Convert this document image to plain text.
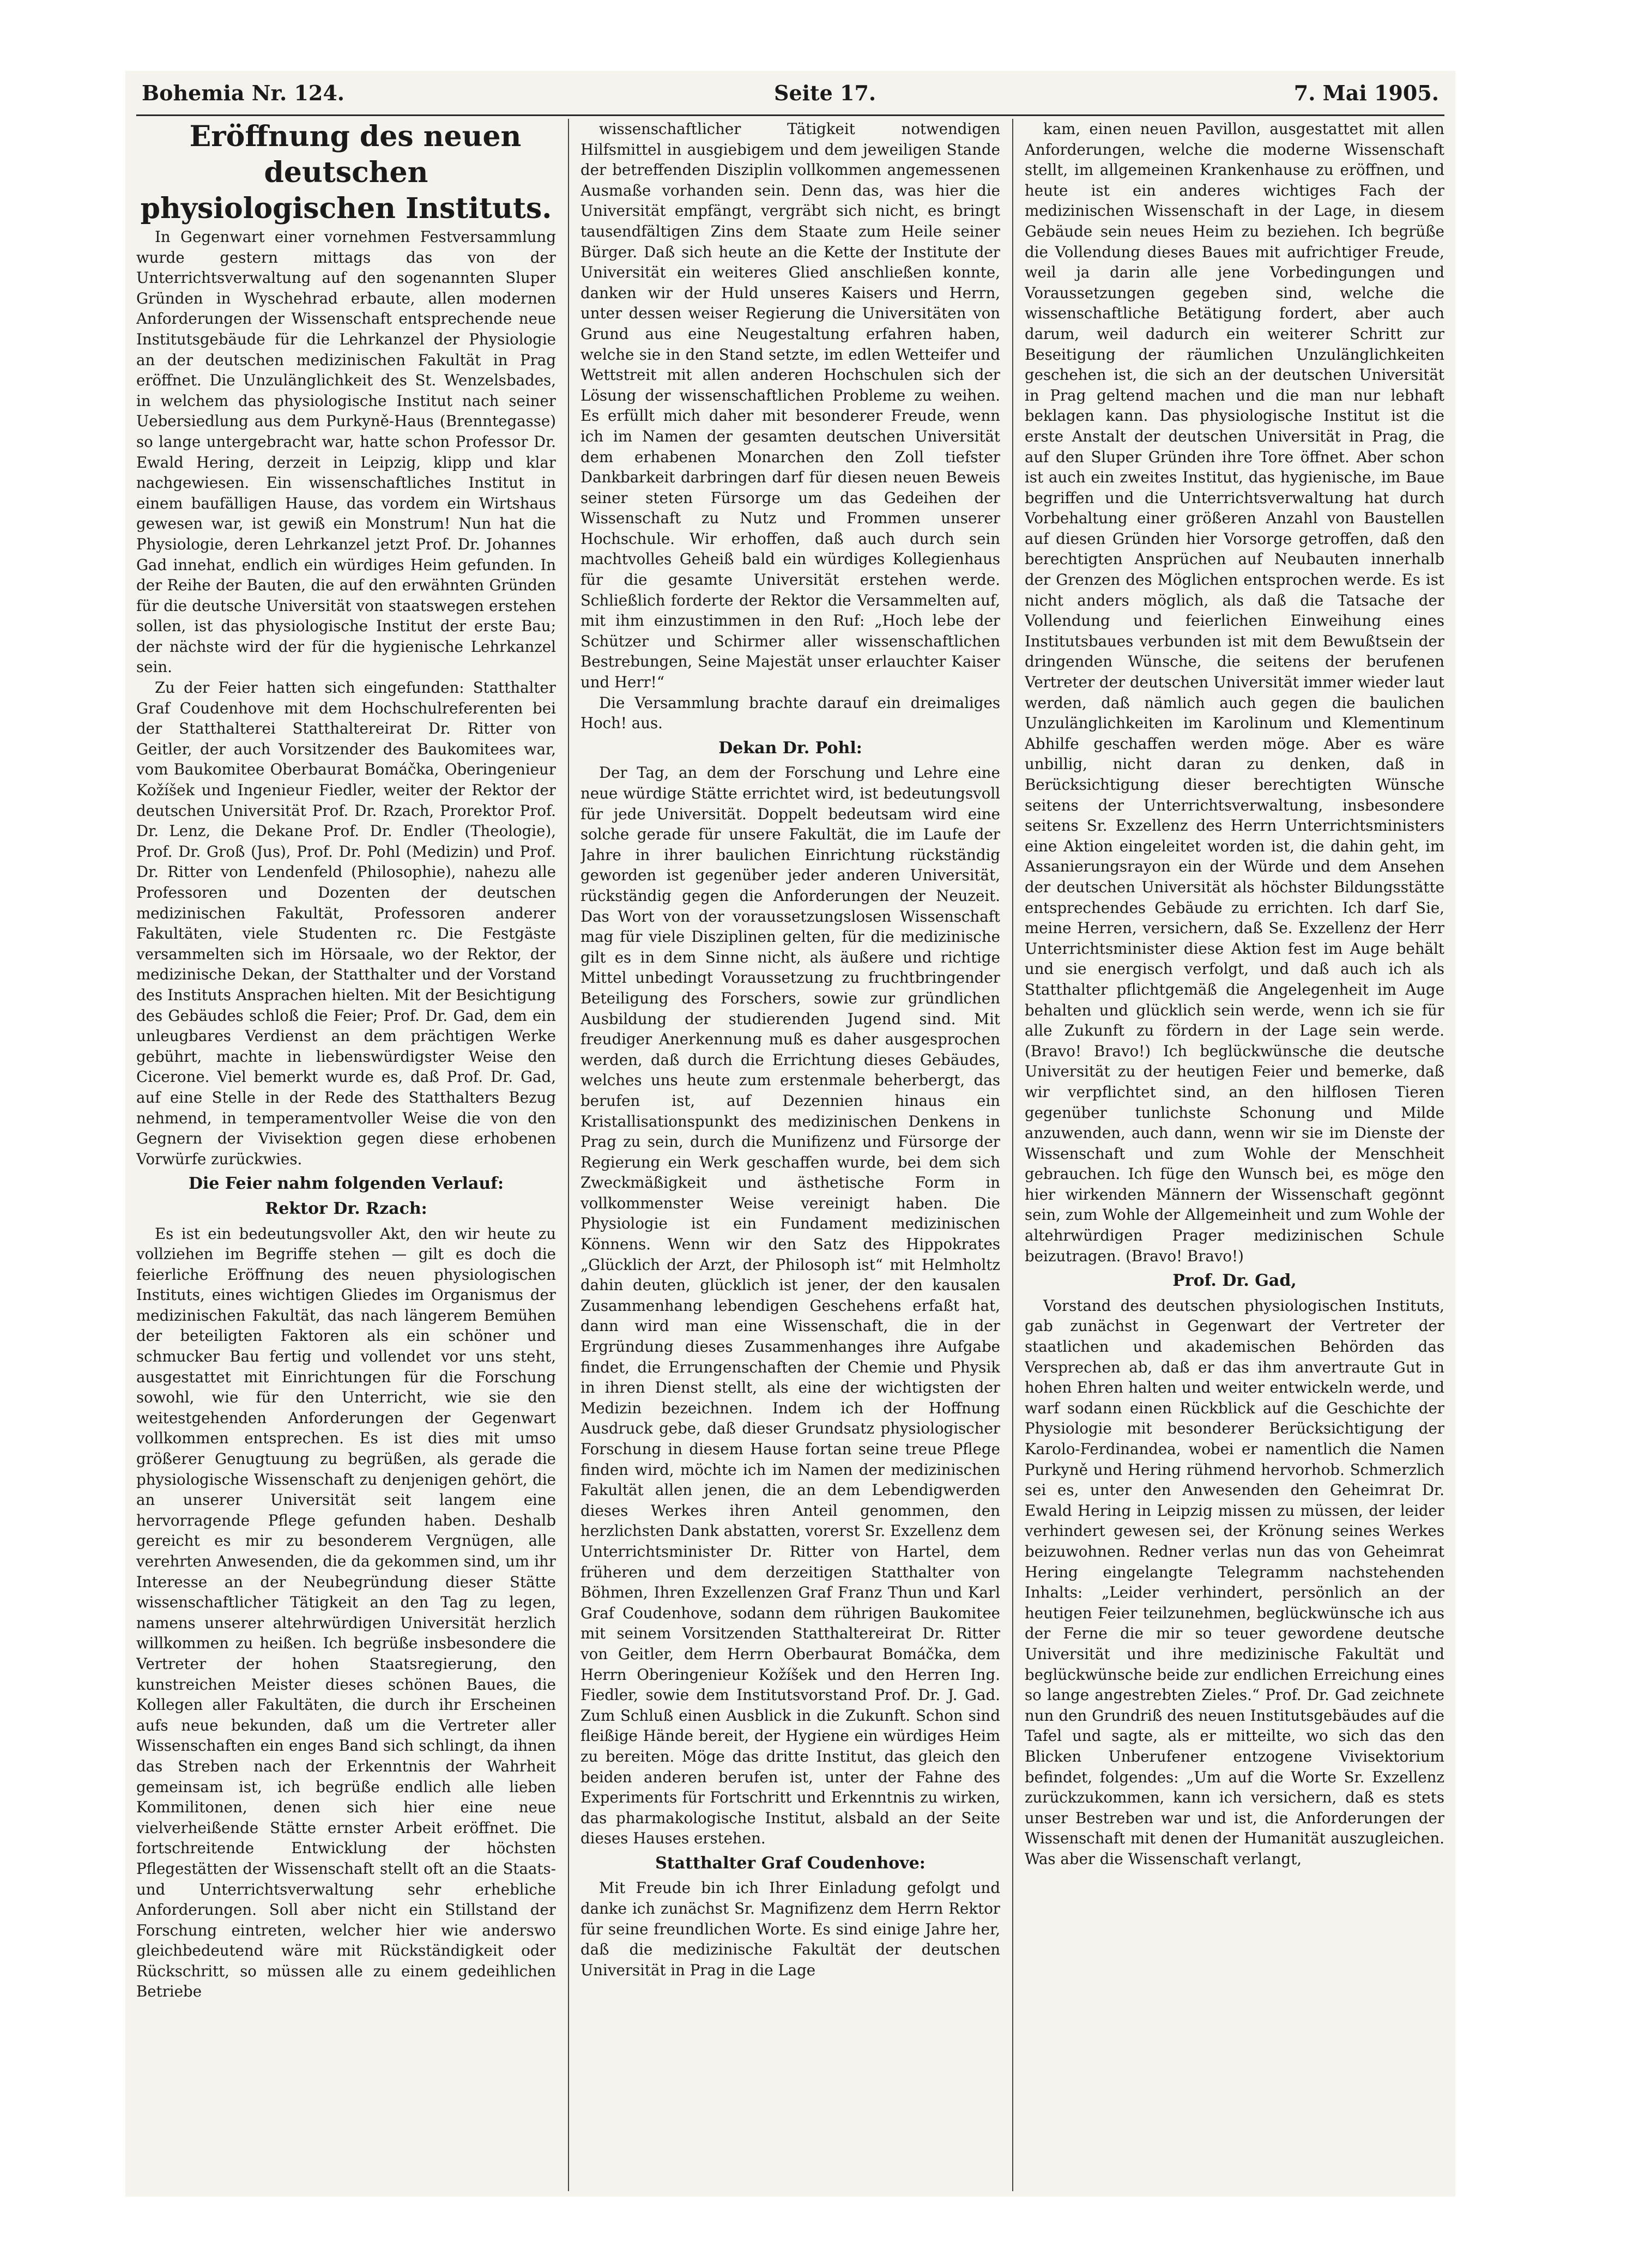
Bohemia Nr. 124.	Seite 17.	7. Mai 1905.

Eröffnung des neuen deutschen physiologischen Instituts.

In Gegenwart einer vornehmen Festversammlung wurde gestern mittags das von der Unterrichtsverwaltung auf den sogenannten Sluper Gründen in Wyschehrad erbaute, allen modernen Anforderungen der Wissenschaft entsprechende neue Institutsgebäude für die Lehrkanzel der Physiologie an der deutschen medizinischen Fakultät in Prag eröffnet. Die Unzulänglichkeit des St. Wenzelsbades, in welchem das physiologische Institut nach seiner Uebersiedlung aus dem Purkyně-Haus (Brenntegasse) so lange untergebracht war, hatte schon Professor Dr. Ewald Hering, derzeit in Leipzig, klipp und klar nachgewiesen. Ein wissenschaftliches Institut in einem baufälligen Hause, das vordem ein Wirtshaus gewesen war, ist gewiß ein Monstrum! Nun hat die Physiologie, deren Lehrkanzel jetzt Prof. Dr. Johannes Gad innehat, endlich ein würdiges Heim gefunden. In der Reihe der Bauten, die auf den erwähnten Gründen für die deutsche Universität von staatswegen erstehen sollen, ist das physiologische Institut der erste Bau; der nächste wird der für die hygienische Lehrkanzel sein.

Zu der Feier hatten sich eingefunden: Statthalter Graf Coudenhove mit dem Hochschulreferenten bei der Statthalterei Statthaltereirat Dr. Ritter von Geitler, der auch Vorsitzender des Baukomitees war, vom Baukomitee Oberbaurat Bomáčka, Oberingenieur Kožíšek und Ingenieur Fiedler, weiter der Rektor der deutschen Universität Prof. Dr. Rzach, Prorektor Prof. Dr. Lenz, die Dekane Prof. Dr. Endler (Theologie), Prof. Dr. Groß (Jus), Prof. Dr. Pohl (Medizin) und Prof. Dr. Ritter von Lendenfeld (Philosophie), nahezu alle Professoren und Dozenten der deutschen medizinischen Fakultät, Professoren anderer Fakultäten, viele Studenten rc. Die Festgäste versammelten sich im Hörsaale, wo der Rektor, der medizinische Dekan, der Statthalter und der Vorstand des Instituts Ansprachen hielten. Mit der Besichtigung des Gebäudes schloß die Feier; Prof. Dr. Gad, dem ein unleugbares Verdienst an dem prächtigen Werke gebührt, machte in liebenswürdigster Weise den Cicerone. Viel bemerkt wurde es, daß Prof. Dr. Gad, auf eine Stelle in der Rede des Statthalters Bezug nehmend, in temperamentvoller Weise die von den Gegnern der Vivisektion gegen diese erhobenen Vorwürfe zurückwies.

Die Feier nahm folgenden Verlauf:

Rektor Dr. Rzach:

Es ist ein bedeutungsvoller Akt, den wir heute zu vollziehen im Begriffe stehen — gilt es doch die feierliche Eröffnung des neuen physiologischen Instituts, eines wichtigen Gliedes im Organismus der medizinischen Fakultät, das nach längerem Bemühen der beteiligten Faktoren als ein schöner und schmucker Bau fertig und vollendet vor uns steht, ausgestattet mit Einrichtungen für die Forschung sowohl, wie für den Unterricht, wie sie den weitestgehenden Anforderungen der Gegenwart vollkommen entsprechen. Es ist dies mit umso größerer Genugtuung zu begrüßen, als gerade die physiologische Wissenschaft zu denjenigen gehört, die an unserer Universität seit langem eine hervorragende Pflege gefunden haben. Deshalb gereicht es mir zu besonderem Vergnügen, alle verehrten Anwesenden, die da gekommen sind, um ihr Interesse an der Neubegründung dieser Stätte wissenschaftlicher Tätigkeit an den Tag zu legen, namens unserer altehrwürdigen Universität herzlich willkommen zu heißen. Ich begrüße insbesondere die Vertreter der hohen Staatsregierung, den kunstreichen Meister dieses schönen Baues, die Kollegen aller Fakultäten, die durch ihr Erscheinen aufs neue bekunden, daß um die Vertreter aller Wissenschaften ein enges Band sich schlingt, da ihnen das Streben nach der Erkenntnis der Wahrheit gemeinsam ist, ich begrüße endlich alle lieben Kommilitonen, denen sich hier eine neue vielverheißende Stätte ernster Arbeit eröffnet. Die fortschreitende Entwicklung der höchsten Pflegestätten der Wissenschaft stellt oft an die Staats- und Unterrichtsverwaltung sehr erhebliche Anforderungen. Soll aber nicht ein Stillstand der Forschung eintreten, welcher hier wie anderswo gleichbedeutend wäre mit Rückständigkeit oder Rückschritt, so müssen alle zu einem gedeihlichen Betriebe

wissenschaftlicher Tätigkeit notwendigen Hilfsmittel in ausgiebigem und dem jeweiligen Stande der betreffenden Disziplin vollkommen angemessenen Ausmaße vorhanden sein. Denn das, was hier die Universität empfängt, vergräbt sich nicht, es bringt tausendfältigen Zins dem Staate zum Heile seiner Bürger. Daß sich heute an die Kette der Institute der Universität ein weiteres Glied anschließen konnte, danken wir der Huld unseres Kaisers und Herrn, unter dessen weiser Regierung die Universitäten von Grund aus eine Neugestaltung erfahren haben, welche sie in den Stand setzte, im edlen Wetteifer und Wettstreit mit allen anderen Hochschulen sich der Lösung der wissenschaftlichen Probleme zu weihen. Es erfüllt mich daher mit besonderer Freude, wenn ich im Namen der gesamten deutschen Universität dem erhabenen Monarchen den Zoll tiefster Dankbarkeit darbringen darf für diesen neuen Beweis seiner steten Fürsorge um das Gedeihen der Wissenschaft zu Nutz und Frommen unserer Hochschule. Wir erhoffen, daß auch durch sein machtvolles Geheiß bald ein würdiges Kollegienhaus für die gesamte Universität erstehen werde. Schließlich forderte der Rektor die Versammelten auf, mit ihm einzustimmen in den Ruf: „Hoch lebe der Schützer und Schirmer aller wissenschaftlichen Bestrebungen, Seine Majestät unser erlauchter Kaiser und Herr!“

Die Versammlung brachte darauf ein dreimaliges Hoch! aus.

Dekan Dr. Pohl:

Der Tag, an dem der Forschung und Lehre eine neue würdige Stätte errichtet wird, ist bedeutungsvoll für jede Universität. Doppelt bedeutsam wird eine solche gerade für unsere Fakultät, die im Laufe der Jahre in ihrer baulichen Einrichtung rückständig geworden ist gegenüber jeder anderen Universität, rückständig gegen die Anforderungen der Neuzeit. Das Wort von der voraussetzungslosen Wissenschaft mag für viele Disziplinen gelten, für die medizinische gilt es in dem Sinne nicht, als äußere und richtige Mittel unbedingt Voraussetzung zu fruchtbringender Beteiligung des Forschers, sowie zur gründlichen Ausbildung der studierenden Jugend sind. Mit freudiger Anerkennung muß es daher ausgesprochen werden, daß durch die Errichtung dieses Gebäudes, welches uns heute zum erstenmale beherbergt, das berufen ist, auf Dezennien hinaus ein Kristallisationspunkt des medizinischen Denkens in Prag zu sein, durch die Munifizenz und Fürsorge der Regierung ein Werk geschaffen wurde, bei dem sich Zweckmäßigkeit und ästhetische Form in vollkommenster Weise vereinigt haben. Die Physiologie ist ein Fundament medizinischen Könnens. Wenn wir den Satz des Hippokrates „Glücklich der Arzt, der Philosoph ist“ mit Helmholtz dahin deuten, glücklich ist jener, der den kausalen Zusammenhang lebendigen Geschehens erfaßt hat, dann wird man eine Wissenschaft, die in der Ergründung dieses Zusammenhanges ihre Aufgabe findet, die Errungenschaften der Chemie und Physik in ihren Dienst stellt, als eine der wichtigsten der Medizin bezeichnen. Indem ich der Hoffnung Ausdruck gebe, daß dieser Grundsatz physiologischer Forschung in diesem Hause fortan seine treue Pflege finden wird, möchte ich im Namen der medizinischen Fakultät allen jenen, die an dem Lebendigwerden dieses Werkes ihren Anteil genommen, den herzlichsten Dank abstatten, vorerst Sr. Exzellenz dem Unterrichtsminister Dr. Ritter von Hartel, dem früheren und dem derzeitigen Statthalter von Böhmen, Ihren Exzellenzen Graf Franz Thun und Karl Graf Coudenhove, sodann dem rührigen Baukomitee mit seinem Vorsitzenden Statthaltereirat Dr. Ritter von Geitler, dem Herrn Oberbaurat Bomáčka, dem Herrn Oberingenieur Kožíšek und den Herren Ing. Fiedler, sowie dem Institutsvorstand Prof. Dr. J. Gad. Zum Schluß einen Ausblick in die Zukunft. Schon sind fleißige Hände bereit, der Hygiene ein würdiges Heim zu bereiten. Möge das dritte Institut, das gleich den beiden anderen berufen ist, unter der Fahne des Experiments für Fortschritt und Erkenntnis zu wirken, das pharmakologische Institut, alsbald an der Seite dieses Hauses erstehen.

Statthalter Graf Coudenhove:

Mit Freude bin ich Ihrer Einladung gefolgt und danke ich zunächst Sr. Magnifizenz dem Herrn Rektor für seine freundlichen Worte. Es sind einige Jahre her, daß die medizinische Fakultät der deutschen Universität in Prag in die Lage

kam, einen neuen Pavillon, ausgestattet mit allen Anforderungen, welche die moderne Wissenschaft stellt, im allgemeinen Krankenhause zu eröffnen, und heute ist ein anderes wichtiges Fach der medizinischen Wissenschaft in der Lage, in diesem Gebäude sein neues Heim zu beziehen. Ich begrüße die Vollendung dieses Baues mit aufrichtiger Freude, weil ja darin alle jene Vorbedingungen und Voraussetzungen gegeben sind, welche die wissenschaftliche Betätigung fordert, aber auch darum, weil dadurch ein weiterer Schritt zur Beseitigung der räumlichen Unzulänglichkeiten geschehen ist, die sich an der deutschen Universität in Prag geltend machen und die man nur lebhaft beklagen kann. Das physiologische Institut ist die erste Anstalt der deutschen Universität in Prag, die auf den Sluper Gründen ihre Tore öffnet. Aber schon ist auch ein zweites Institut, das hygienische, im Baue begriffen und die Unterrichtsverwaltung hat durch Vorbehaltung einer größeren Anzahl von Baustellen auf diesen Gründen hier Vorsorge getroffen, daß den berechtigten Ansprüchen auf Neubauten innerhalb der Grenzen des Möglichen entsprochen werde. Es ist nicht anders möglich, als daß die Tatsache der Vollendung und feierlichen Einweihung eines Institutsbaues verbunden ist mit dem Bewußtsein der dringenden Wünsche, die seitens der berufenen Vertreter der deutschen Universität immer wieder laut werden, daß nämlich auch gegen die baulichen Unzulänglichkeiten im Karolinum und Klementinum Abhilfe geschaffen werden möge. Aber es wäre unbillig, nicht daran zu denken, daß in Berücksichtigung dieser berechtigten Wünsche seitens der Unterrichtsverwaltung, insbesondere seitens Sr. Exzellenz des Herrn Unterrichtsministers eine Aktion eingeleitet worden ist, die dahin geht, im Assanierungsrayon ein der Würde und dem Ansehen der deutschen Universität als höchster Bildungsstätte entsprechendes Gebäude zu errichten. Ich darf Sie, meine Herren, versichern, daß Se. Exzellenz der Herr Unterrichtsminister diese Aktion fest im Auge behält und sie energisch verfolgt, und daß auch ich als Statthalter pflichtgemäß die Angelegenheit im Auge behalten und glücklich sein werde, wenn ich sie für alle Zukunft zu fördern in der Lage sein werde. (Bravo! Bravo!) Ich beglückwünsche die deutsche Universität zu der heutigen Feier und bemerke, daß wir verpflichtet sind, an den hilflosen Tieren gegenüber tunlichste Schonung und Milde anzuwenden, auch dann, wenn wir sie im Dienste der Wissenschaft und zum Wohle der Menschheit gebrauchen. Ich füge den Wunsch bei, es möge den hier wirkenden Männern der Wissenschaft gegönnt sein, zum Wohle der Allgemeinheit und zum Wohle der altehrwürdigen Prager medizinischen Schule beizutragen. (Bravo! Bravo!)

Prof. Dr. Gad,

Vorstand des deutschen physiologischen Instituts, gab zunächst in Gegenwart der Vertreter der staatlichen und akademischen Behörden das Versprechen ab, daß er das ihm anvertraute Gut in hohen Ehren halten und weiter entwickeln werde, und warf sodann einen Rückblick auf die Geschichte der Physiologie mit besonderer Berücksichtigung der Karolo-Ferdinandea, wobei er namentlich die Namen Purkyně und Hering rühmend hervorhob. Schmerzlich sei es, unter den Anwesenden den Geheimrat Dr. Ewald Hering in Leipzig missen zu müssen, der leider verhindert gewesen sei, der Krönung seines Werkes beizuwohnen. Redner verlas nun das von Geheimrat Hering eingelangte Telegramm nachstehenden Inhalts: „Leider verhindert, persönlich an der heutigen Feier teilzunehmen, beglückwünsche ich aus der Ferne die mir so teuer gewordene deutsche Universität und ihre medizinische Fakultät und beglückwünsche beide zur endlichen Erreichung eines so lange angestrebten Zieles.“ Prof. Dr. Gad zeichnete nun den Grundriß des neuen Institutsgebäudes auf die Tafel und sagte, als er mitteilte, wo sich das den Blicken Unberufener entzogene Vivisektorium befindet, folgendes: „Um auf die Worte Sr. Exzellenz zurückzukommen, kann ich versichern, daß es stets unser Bestreben war und ist, die Anforderungen der Wissenschaft mit denen der Humanität auszugleichen. Was aber die Wissenschaft verlangt,
